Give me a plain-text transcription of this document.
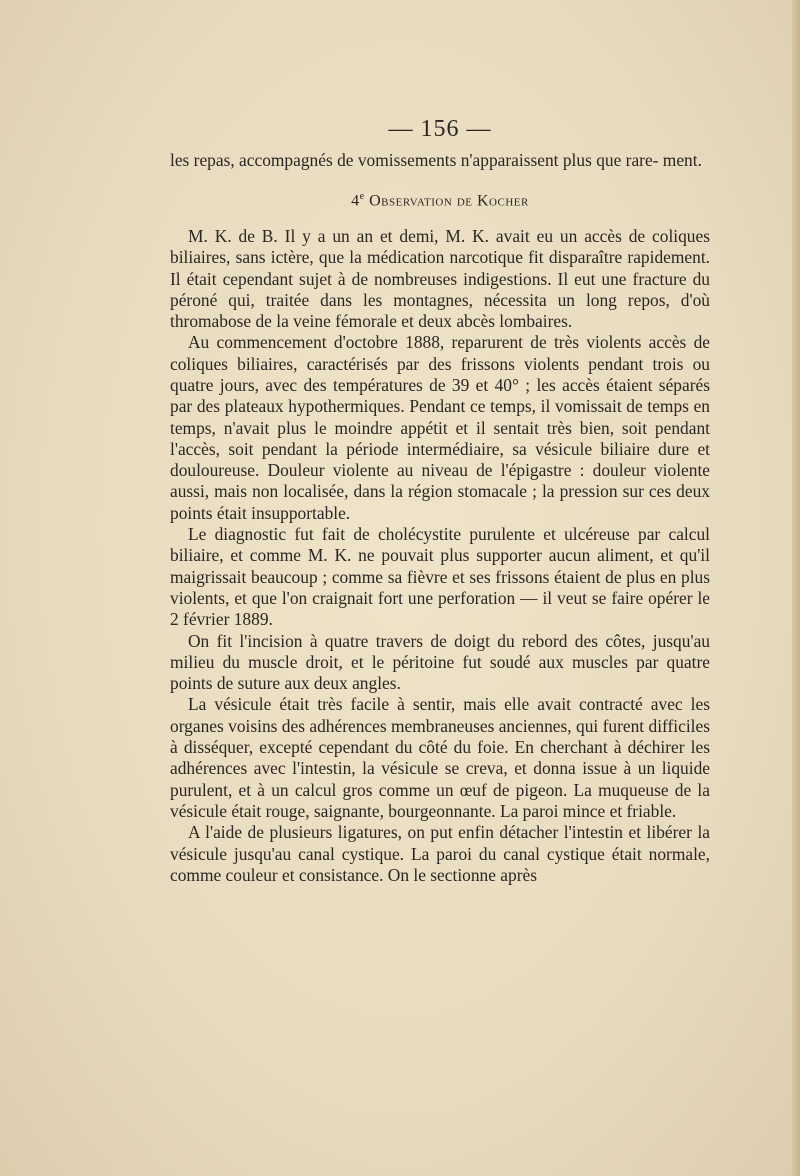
— 156 —

les repas, accompagnés de vomissements n'apparaissent plus que rare- ment.

4e Observation de Kocher

M. K. de B. Il y a un an et demi, M. K. avait eu un accès de coliques biliaires, sans ictère, que la médication narcotique fit disparaître rapidement. Il était cependant sujet à de nombreuses indigestions. Il eut une fracture du péroné qui, traitée dans les montagnes, nécessita un long repos, d'où thromabose de la veine fémorale et deux abcès lombaires.

Au commencement d'octobre 1888, reparurent de très violents accès de coliques biliaires, caractérisés par des frissons violents pendant trois ou quatre jours, avec des températures de 39 et 40° ; les accès étaient séparés par des plateaux hypothermiques. Pendant ce temps, il vomissait de temps en temps, n'avait plus le moindre appétit et il sentait très bien, soit pendant l'accès, soit pendant la période intermédiaire, sa vésicule biliaire dure et douloureuse. Douleur violente au niveau de l'épigastre : douleur violente aussi, mais non localisée, dans la région stomacale ; la pression sur ces deux points était insupportable.

Le diagnostic fut fait de cholécystite purulente et ulcéreuse par calcul biliaire, et comme M. K. ne pouvait plus supporter aucun aliment, et qu'il maigrissait beaucoup ; comme sa fièvre et ses frissons étaient de plus en plus violents, et que l'on craignait fort une perforation — il veut se faire opérer le 2 février 1889.

On fit l'incision à quatre travers de doigt du rebord des côtes, jusqu'au milieu du muscle droit, et le péritoine fut soudé aux muscles par quatre points de suture aux deux angles.

La vésicule était très facile à sentir, mais elle avait contracté avec les organes voisins des adhérences membraneuses anciennes, qui furent difficiles à disséquer, excepté cependant du côté du foie. En cherchant à déchirer les adhérences avec l'intestin, la vésicule se creva, et donna issue à un liquide purulent, et à un calcul gros comme un œuf de pigeon. La muqueuse de la vésicule était rouge, saignante, bourgeonnante. La paroi mince et friable.

A l'aide de plusieurs ligatures, on put enfin détacher l'intestin et libérer la vésicule jusqu'au canal cystique. La paroi du canal cystique était normale, comme couleur et consistance. On le sectionne après
